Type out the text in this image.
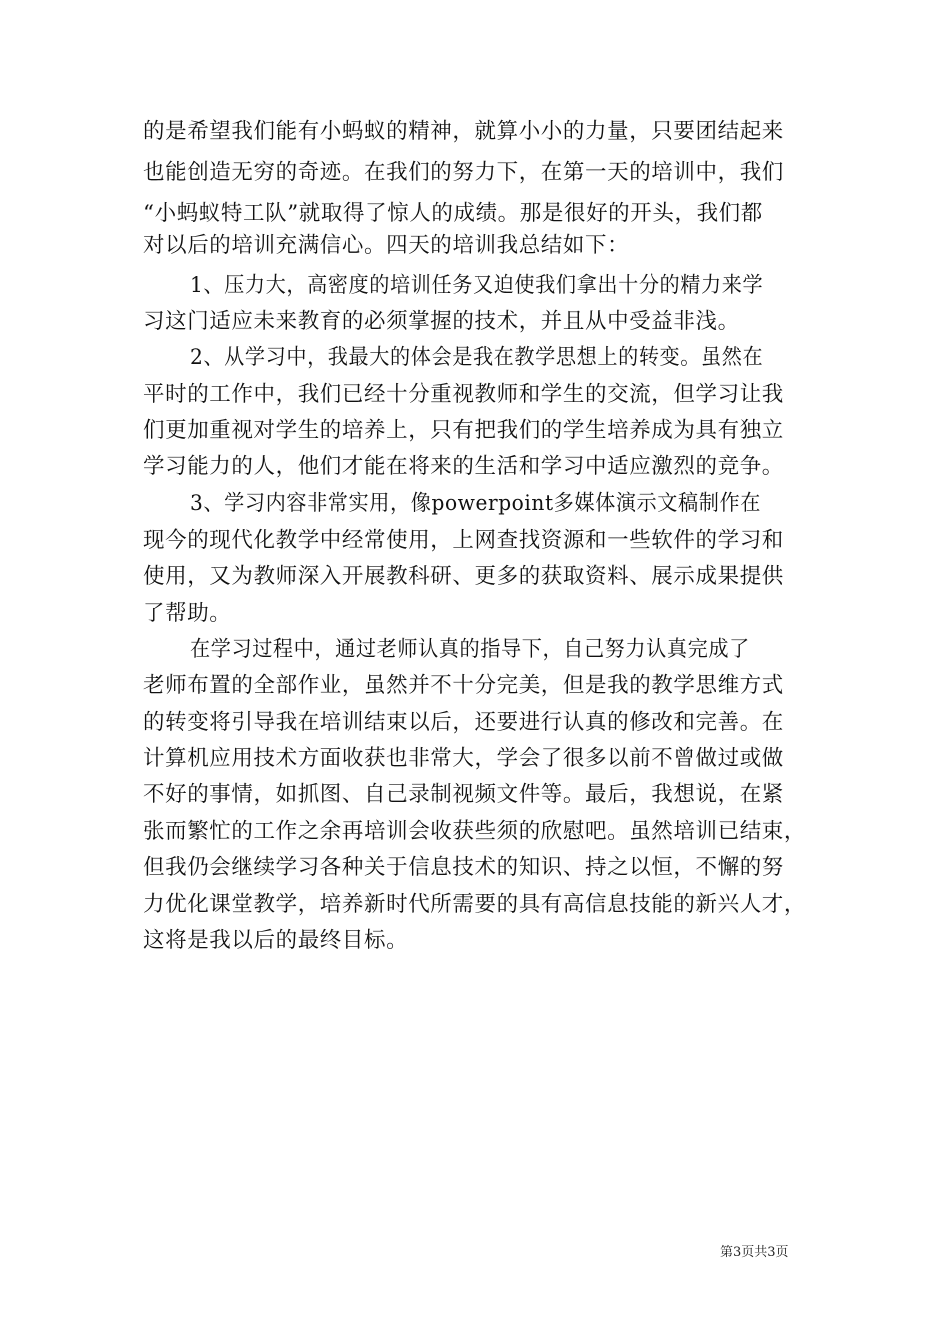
的是希望我们能有小蚂蚁的精神，就算小小的力量，只要团结起来
也能创造无穷的奇迹。在我们的努力下，在第一天的培训中，我们
“小蚂蚁特工队”就取得了惊人的成绩。那是很好的开头，我们都
对以后的培训充满信心。四天的培训我总结如下：
1、压力大，高密度的培训任务又迫使我们拿出十分的精力来学
习这门适应未来教育的必须掌握的技术，并且从中受益非浅。
2、从学习中，我最大的体会是我在教学思想上的转变。虽然在
平时的工作中，我们已经十分重视教师和学生的交流，但学习让我
们更加重视对学生的培养上，只有把我们的学生培养成为具有独立
学习能力的人，他们才能在将来的生活和学习中适应激烈的竞争。
3、学习内容非常实用，像powerpoint多媒体演示文稿制作在
现今的现代化教学中经常使用，上网查找资源和一些软件的学习和
使用，又为教师深入开展教科研、更多的获取资料、展示成果提供
了帮助。
在学习过程中，通过老师认真的指导下，自己努力认真完成了
老师布置的全部作业，虽然并不十分完美，但是我的教学思维方式
的转变将引导我在培训结束以后，还要进行认真的修改和完善。在
计算机应用技术方面收获也非常大，学会了很多以前不曾做过或做
不好的事情，如抓图、自己录制视频文件等。最后，我想说，在紧
张而繁忙的工作之余再培训会收获些须的欣慰吧。虽然培训已结束，
但我仍会继续学习各种关于信息技术的知识、持之以恒，不懈的努
力优化课堂教学，培养新时代所需要的具有高信息技能的新兴人才，
这将是我以后的最终目标。
第3页共3页
